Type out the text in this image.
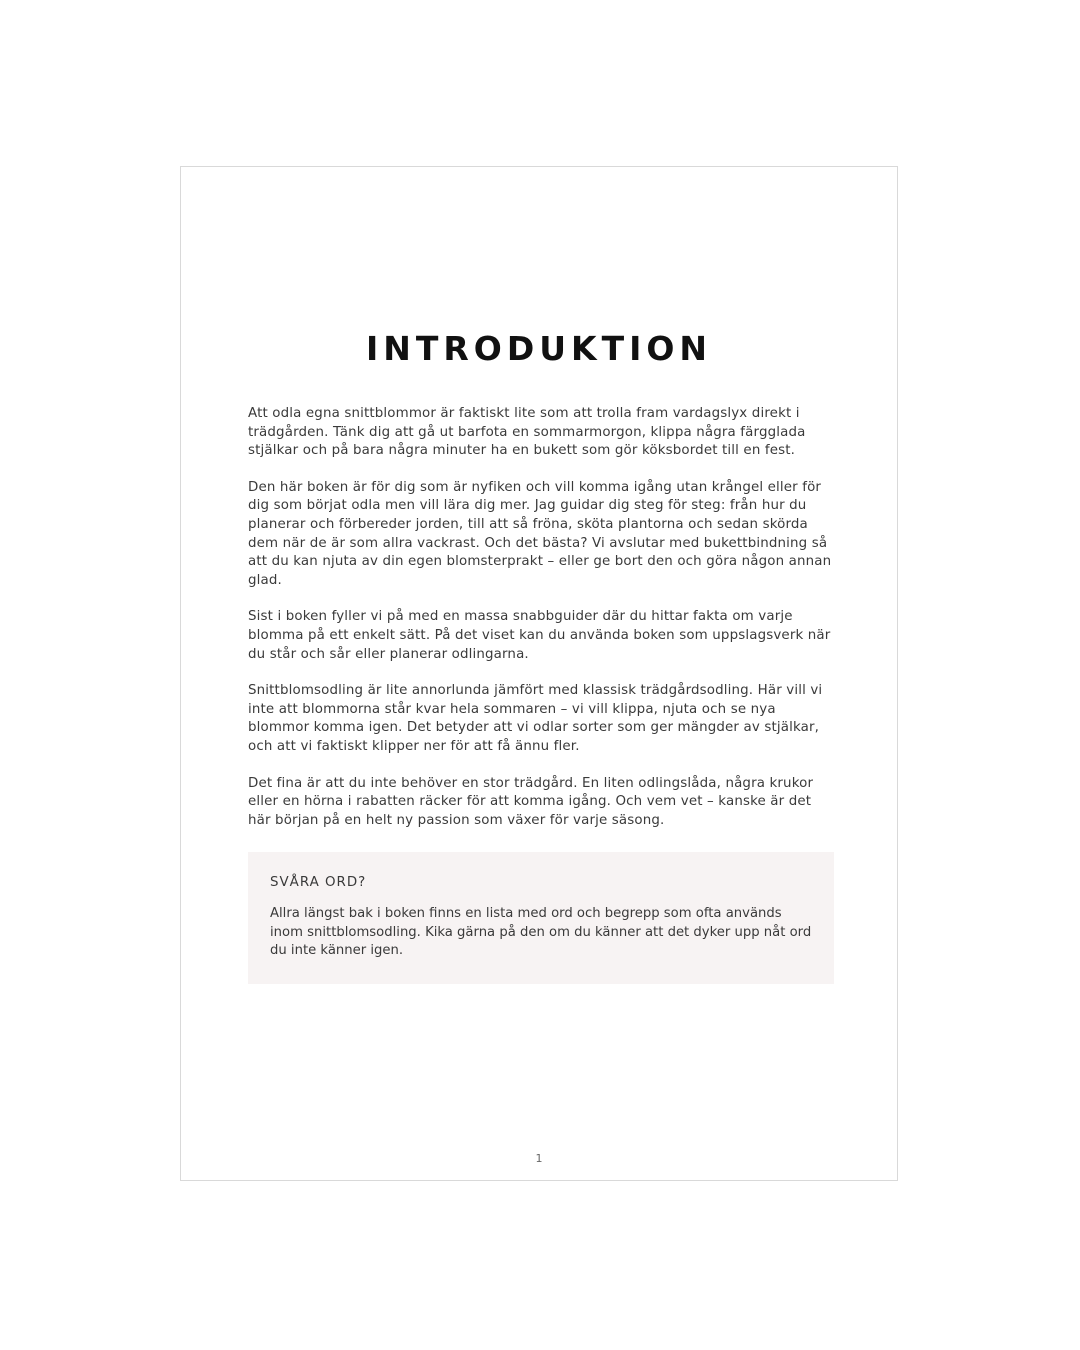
INTRODUKTION

Att odla egna snittblommor är faktiskt lite som att trolla fram vardagslyx direkt i trädgården. Tänk dig att gå ut barfota en sommarmorgon, klippa några färgglada stjälkar och på bara några minuter ha en bukett som gör köksbordet till en fest.

Den här boken är för dig som är nyfiken och vill komma igång utan krångel eller för dig som börjat odla men vill lära dig mer. Jag guidar dig steg för steg: från hur du planerar och förbereder jorden, till att så fröna, sköta plantorna och sedan skörda dem när de är som allra vackrast. Och det bästa? Vi avslutar med bukettbindning så att du kan njuta av din egen blomsterprakt – eller ge bort den och göra någon annan glad.

Sist i boken fyller vi på med en massa snabbguider där du hittar fakta om varje blomma på ett enkelt sätt. På det viset kan du använda boken som uppslagsverk när du står och sår eller planerar odlingarna.

Snittblomsodling är lite annorlunda jämfört med klassisk trädgårdsodling. Här vill vi inte att blommorna står kvar hela sommaren – vi vill klippa, njuta och se nya blommor komma igen. Det betyder att vi odlar sorter som ger mängder av stjälkar, och att vi faktiskt klipper ner för att få ännu fler.

Det fina är att du inte behöver en stor trädgård. En liten odlingslåda, några krukor eller en hörna i rabatten räcker för att komma igång. Och vem vet – kanske är det här början på en helt ny passion som växer för varje säsong.

SVÅRA ORD?

Allra längst bak i boken finns en lista med ord och begrepp som ofta används inom snittblomsodling. Kika gärna på den om du känner att det dyker upp nåt ord du inte känner igen.

1
